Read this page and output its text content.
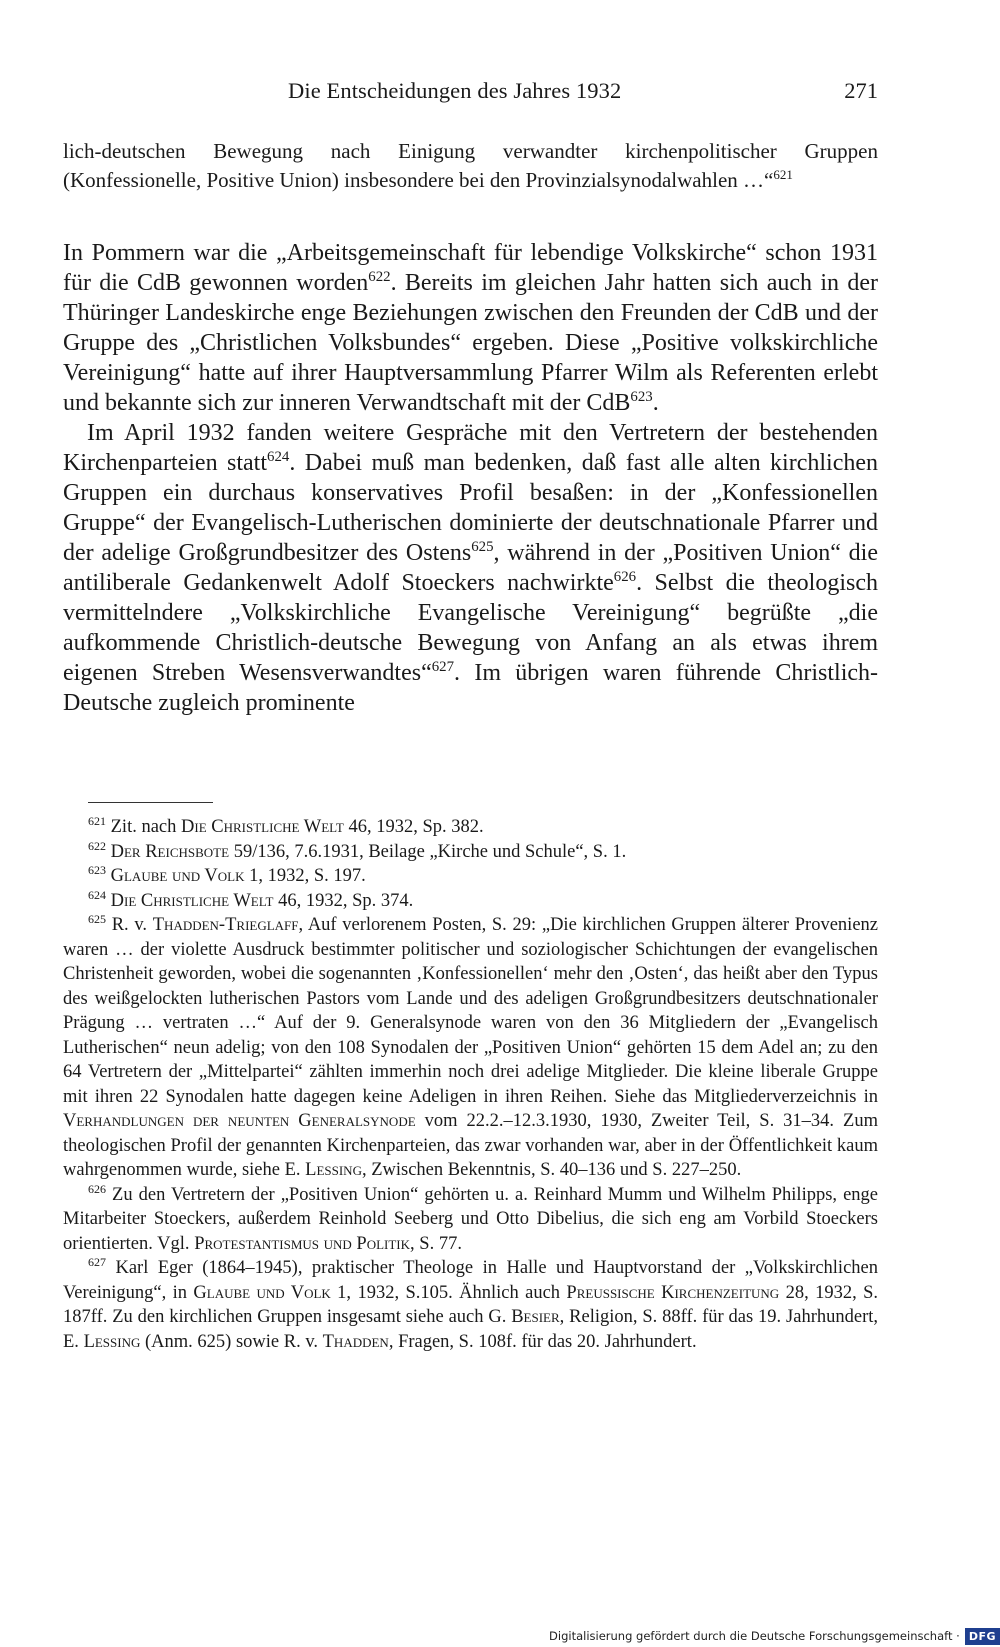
Die Entscheidungen des Jahres 1932	271
lich-deutschen Bewegung nach Einigung verwandter kirchenpolitischer Gruppen (Konfessionelle, Positive Union) insbesondere bei den Provinzialsynodalwahlen …“$^{621}$

In Pommern war die „Arbeitsgemeinschaft für lebendige Volkskirche“ schon 1931 für die CdB gewonnen worden$^{622}$. Bereits im gleichen Jahr hatten sich auch in der Thüringer Landeskirche enge Beziehungen zwischen den Freunden der CdB und der Gruppe des „Christlichen Volksbundes“ ergeben. Diese „Positive volkskirchliche Vereinigung“ hatte auf ihrer Hauptversammlung Pfarrer Wilm als Referenten erlebt und bekannte sich zur inneren Verwandtschaft mit der CdB$^{623}$.

Im April 1932 fanden weitere Gespräche mit den Vertretern der bestehenden Kirchenparteien statt$^{624}$. Dabei muß man bedenken, daß fast alle alten kirchlichen Gruppen ein durchaus konservatives Profil besaßen: in der „Konfessionellen Gruppe“ der Evangelisch-Lutherischen dominierte der deutschnationale Pfarrer und der adelige Großgrundbesitzer des Ostens$^{625}$, während in der „Positiven Union“ die antiliberale Gedankenwelt Adolf Stoeckers nachwirkte$^{626}$. Selbst die theologisch vermittelndere „Volkskirchliche Evangelische Vereinigung“ begrüßte „die aufkommende Christlich-deutsche Bewegung von Anfang an als etwas ihrem eigenen Streben Wesensverwandtes“$^{627}$. Im übrigen waren führende Christlich-Deutsche zugleich prominente

$^{621}$ Zit. nach Die Christliche Welt 46, 1932, Sp. 382.

$^{622}$ Der Reichsbote 59/136, 7.6.1931, Beilage „Kirche und Schule“, S. 1.

$^{623}$ Glaube und Volk 1, 1932, S. 197.

$^{624}$ Die Christliche Welt 46, 1932, Sp. 374.

$^{625}$ R. v. Thadden-Trieglaff, Auf verlorenem Posten, S. 29: „Die kirchlichen Gruppen älterer Provenienz waren … der violette Ausdruck bestimmter politischer und soziologischer Schichtungen der evangelischen Christenheit geworden, wobei die sogenannten ‚Konfessionellen‘ mehr den ‚Osten‘, das heißt aber den Typus des weißgelockten lutherischen Pastors vom Lande und des adeligen Großgrundbesitzers deutschnationaler Prägung … vertraten …“ Auf der 9. Generalsynode waren von den 36 Mitgliedern der „Evangelisch Lutherischen“ neun adelig; von den 108 Synodalen der „Positiven Union“ gehörten 15 dem Adel an; zu den 64 Vertretern der „Mittelpartei“ zählten immerhin noch drei adelige Mitglieder. Die kleine liberale Gruppe mit ihren 22 Synodalen hatte dagegen keine Adeligen in ihren Reihen. Siehe das Mitgliederverzeichnis in Verhandlungen der neunten Generalsynode vom 22.2.–12.3.1930, 1930, Zweiter Teil, S. 31–34. Zum theologischen Profil der genannten Kirchenparteien, das zwar vorhanden war, aber in der Öffentlichkeit kaum wahrgenommen wurde, siehe E. Lessing, Zwischen Bekenntnis, S. 40–136 und S. 227–250.

$^{626}$ Zu den Vertretern der „Positiven Union“ gehörten u. a. Reinhard Mumm und Wilhelm Philipps, enge Mitarbeiter Stoeckers, außerdem Reinhold Seeberg und Otto Dibelius, die sich eng am Vorbild Stoeckers orientierten. Vgl. Protestantismus und Politik, S. 77.

$^{627}$ Karl Eger (1864–1945), praktischer Theologe in Halle und Hauptvorstand der „Volkskirchlichen Vereinigung“, in Glaube und Volk 1, 1932, S.105. Ähnlich auch Preussische Kirchenzeitung 28, 1932, S. 187ff. Zu den kirchlichen Gruppen insgesamt siehe auch G. Besier, Religion, S. 88ff. für das 19. Jahrhundert, E. Lessing (Anm. 625) sowie R. v. Thadden, Fragen, S. 108f. für das 20. Jahrhundert.

Digitalisierung gefördert durch die Deutsche Forschungsgemeinschaft · DFG
